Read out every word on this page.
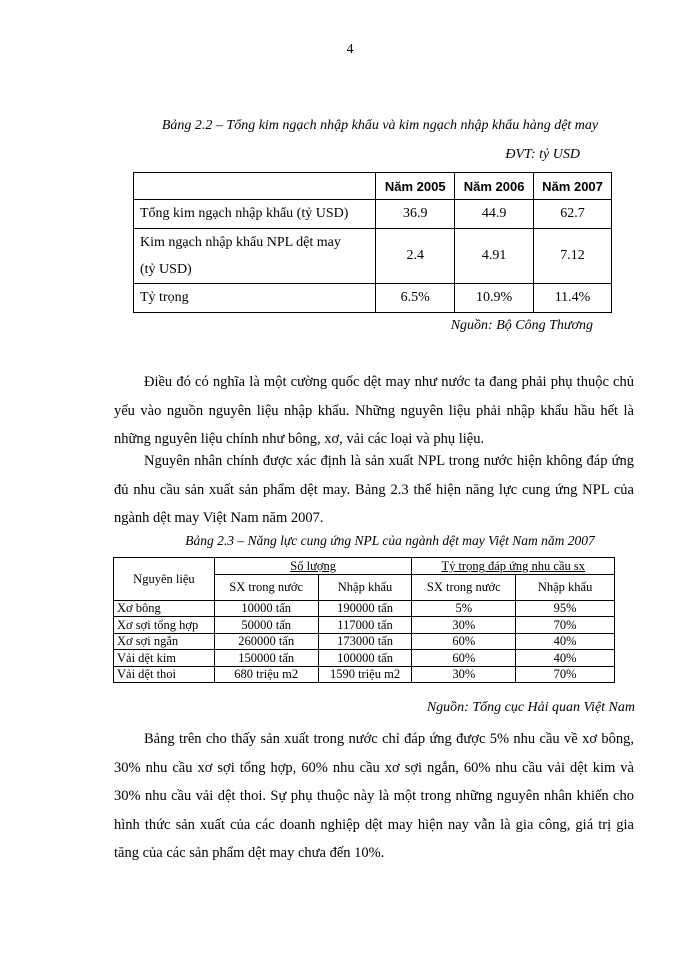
4
Bảng 2.2 – Tổng kim ngạch nhập khẩu và kim ngạch nhập khẩu hàng dệt may
ĐVT: tỷ USD
	Năm 2005	Năm 2006	Năm 2007
Tổng kim ngạch nhập khẩu (tỷ USD)	36.9	44.9	62.7

Kim ngạch nhập khẩu NPL dệt may
(tỷ USD)	2.4	4.91	7.12
Tỷ trọng	6.5%	10.9%	11.4%
Nguồn: Bộ Công Thương

Điều đó có nghĩa là một cường quốc dệt may như nước ta đang phải phụ thuộc chủ yếu vào nguồn nguyên liệu nhập khẩu. Những nguyên liệu phải nhập khẩu hầu hết là những nguyên liệu chính như bông, xơ, vải các loại và phụ liệu.

Nguyên nhân chính được xác định là sản xuất NPL trong nước hiện không đáp ứng đủ nhu cầu sản xuất sản phẩm dệt may. Bảng 2.3 thể hiện năng lực cung ứng NPL của ngành dệt may Việt Nam năm 2007.

Bảng 2.3 – Năng lực cung ứng NPL của ngành dệt may Việt Nam năm 2007
Nguyên liệu	Số lượng		Tỷ trọng đáp ứng nhu cầu sx	
	SX trong nước	Nhập khẩu	SX trong nước	Nhập khẩu
Xơ bông	10000 tấn	190000 tấn	5%	95%
Xơ sợi tổng hợp	50000 tấn	117000 tấn	30%	70%
Xơ sợi ngắn	260000 tấn	173000 tấn	60%	40%
Vải dệt kim	150000 tấn	100000 tấn	60%	40%
Vải dệt thoi	680 triệu m2	1590 triệu m2	30%	70%
Nguồn: Tổng cục Hải quan Việt Nam

Bảng trên cho thấy sản xuất trong nước chỉ đáp ứng được 5% nhu cầu về xơ bông, 30% nhu cầu xơ sợi tổng hợp, 60% nhu cầu xơ sợi ngắn, 60% nhu cầu vải dệt kim và 30% nhu cầu vải dệt thoi. Sự phụ thuộc này là một trong những nguyên nhân khiến cho hình thức sản xuất của các doanh nghiệp dệt may hiện nay vẫn là gia công, giá trị gia tăng của các sản phẩm dệt may chưa đến 10%.
